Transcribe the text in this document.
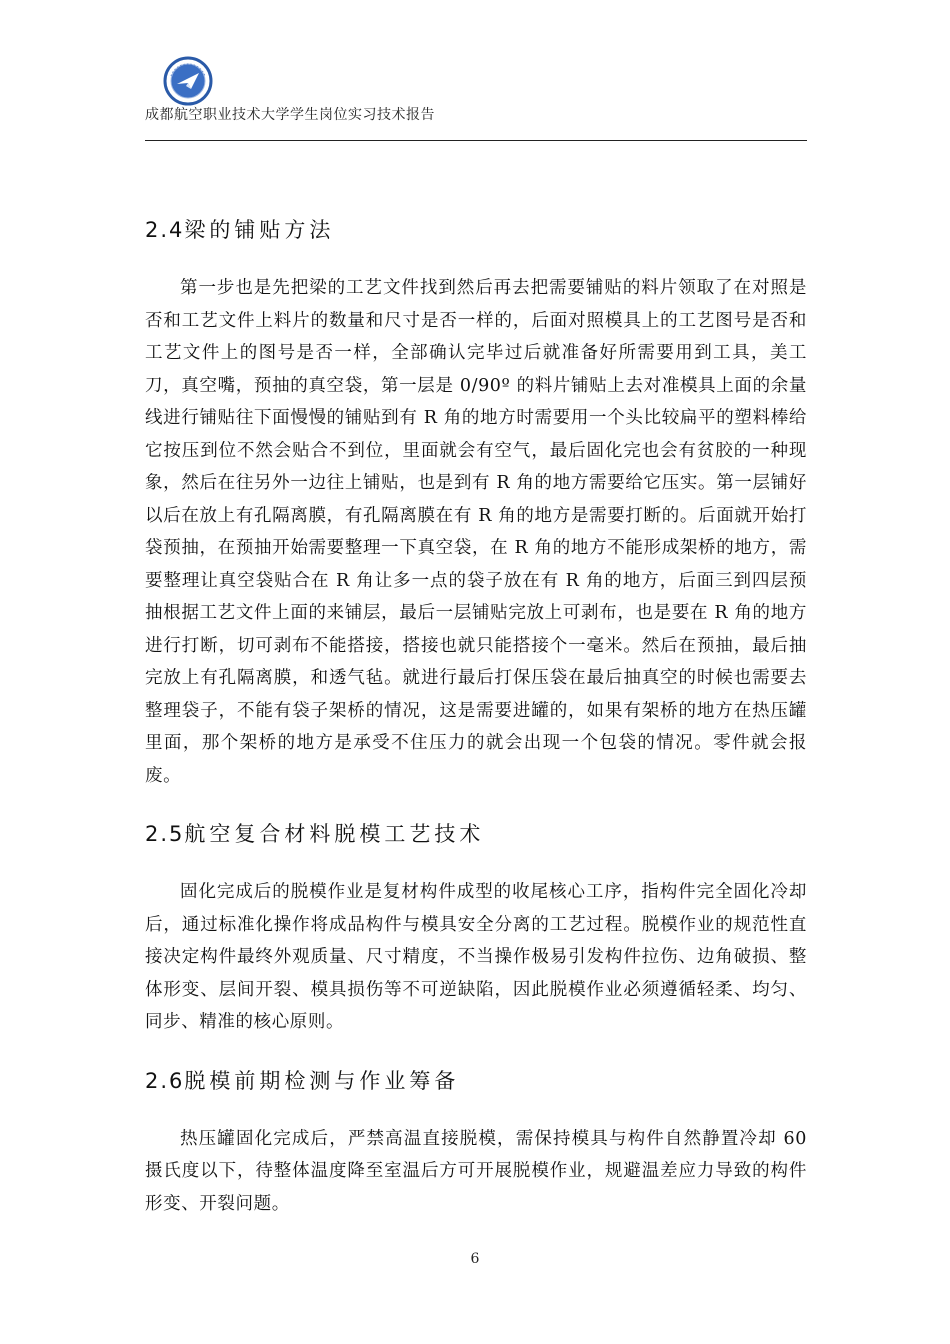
成都航空职业技术大学学生岗位实习技术报告
2.4梁的铺贴方法

第一步也是先把梁的工艺文件找到然后再去把需要铺贴的料片领取了在对照是否和工艺文件上料片的数量和尺寸是否一样的，后面对照模具上的工艺图号是否和工艺文件上的图号是否一样，全部确认完毕过后就准备好所需要用到工具，美工刀，真空嘴，预抽的真空袋，第一层是 0/90º 的料片铺贴上去对准模具上面的余量线进行铺贴往下面慢慢的铺贴到有 R 角的地方时需要用一个头比较扁平的塑料棒给它按压到位不然会贴合不到位，里面就会有空气，最后固化完也会有贫胶的一种现象，然后在往另外一边往上铺贴，也是到有 R 角的地方需要给它压实。第一层铺好以后在放上有孔隔离膜，有孔隔离膜在有 R 角的地方是需要打断的。后面就开始打袋预抽，在预抽开始需要整理一下真空袋，在 R 角的地方不能形成架桥的地方，需要整理让真空袋贴合在 R 角让多一点的袋子放在有 R 角的地方，后面三到四层预抽根据工艺文件上面的来铺层，最后一层铺贴完放上可剥布，也是要在 R 角的地方进行打断，切可剥布不能搭接，搭接也就只能搭接个一毫米。然后在预抽，最后抽完放上有孔隔离膜，和透气毡。就进行最后打保压袋在最后抽真空的时候也需要去整理袋子，不能有袋子架桥的情况，这是需要进罐的，如果有架桥的地方在热压罐里面，那个架桥的地方是承受不住压力的就会出现一个包袋的情况。零件就会报废。

2.5航空复合材料脱模工艺技术

固化完成后的脱模作业是复材构件成型的收尾核心工序，指构件完全固化冷却后，通过标准化操作将成品构件与模具安全分离的工艺过程。脱模作业的规范性直接决定构件最终外观质量、尺寸精度，不当操作极易引发构件拉伤、边角破损、整体形变、层间开裂、模具损伤等不可逆缺陷，因此脱模作业必须遵循轻柔、均匀、同步、精准的核心原则。

2.6脱模前期检测与作业筹备

热压罐固化完成后，严禁高温直接脱模，需保持模具与构件自然静置冷却 60 摄氏度以下，待整体温度降至室温后方可开展脱模作业，规避温差应力导致的构件形变、开裂问题。

6
